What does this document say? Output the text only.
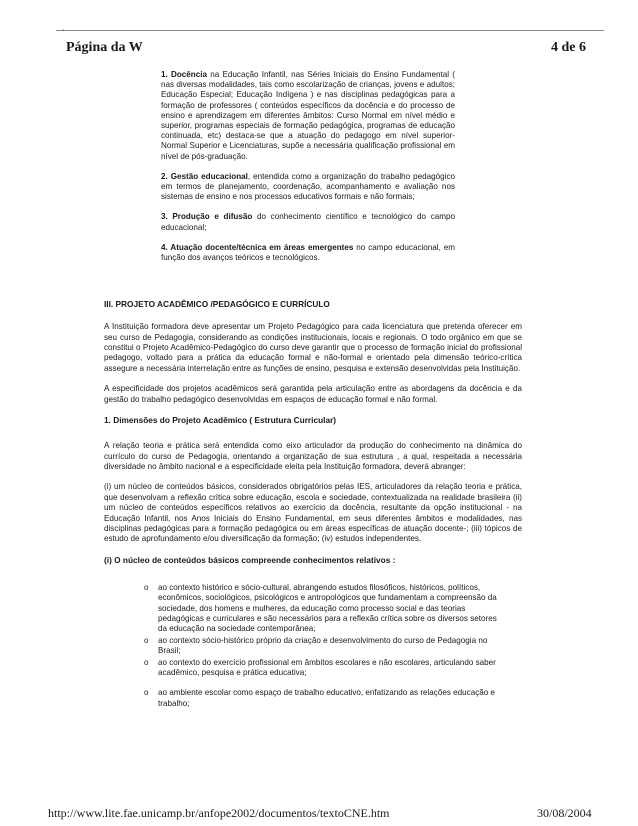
·
Página da W	4 de 6

1. Docência na Educação Infantil, nas Séries Iniciais do Ensino Fundamental ( nas diversas modalidades, tais como escolarização de crianças, jovens e adultos; Educação Especial; Educação Indígena ) e nas disciplinas pedagógicas para a formação de professores ( conteúdos específicos da docência e do processo de ensino e aprendizagem em diferentes âmbitos: Curso Normal em nível médio e superior, programas especiais de formação pedagógica, programas de educação continuada, etc) destaca-se que a atuação do pedagogo em nível superior- Normal Superior e Licenciaturas, supõe a necessária qualificação profissional em nível de pós-graduação.

2. Gestão educacional, entendida como a organização do trabalho pedagógico em termos de planejamento, coordenação, acompanhamento e avaliação nos sistemas de ensino e nos processos educativos formais e não formais;

3. Produção e difusão do conhecimento científico e tecnológico do campo educacional;

4. Atuação docente/técnica em áreas emergentes no campo educacional, em função dos avanços teóricos e tecnológicos.

III. PROJETO ACADÊMICO /PEDAGÓGICO E CURRÍCULO

A Instituição formadora deve apresentar um Projeto Pedagógico para cada licenciatura que pretenda oferecer em seu curso de Pedagogia, considerando as condições institucionais, locais e regionais. O todo orgânico em que se constitui o Projeto Acadêmico-Pedagógico do curso deve garantir que o processo de formação inicial do profissional pedagogo, voltado para a prática da educação formal e não-formal e orientado pela dimensão teórico-crítica assegure a necessária interrelação entre as funções de ensino, pesquisa e extensão desenvolvidas pela Instituição.

A especificidade dos projetos acadêmicos será garantida pela articulação entre as abordagens da docência e da gestão do trabalho pedagógico desenvolvidas em espaços de educação formal e não formal.

1. Dimensões do Projeto Acadêmico ( Estrutura Curricular)

A relação teoria e prática será entendida como eixo articulador da produção do conhecimento na dinâmica do currículo do curso de Pedagogia, orientando a organização de sua estrutura , a qual, respeitada a necessária diversidade no âmbito nacional e a especificidade eleita pela Instituição formadora, deverá abranger:

(i) um núcleo de conteúdos básicos, considerados obrigatórios pelas IES, articuladores da relação teoria e prática, que desenvolvam a reflexão crítica sobre educação, escola e sociedade, contextualizada na realidade brasileira (ii) um núcleo de conteúdos específicos relativos ao exercício da docência, resultante da opção institucional - na Educação Infantil, nos Anos Iniciais do Ensino Fundamental, em seus diferentes âmbitos e modalidades, nas disciplinas pedagógicas para a formação pedagógica ou em áreas específicas de atuação docente-; (iii) tópicos de estudo de aprofundamento e/ou diversificação da formação; (iv) estudos independentes.

(i) O núcleo de conteúdos básicos compreende conhecimentos relativos :
o ao contexto histórico e sócio-cultural, abrangendo estudos filosóficos, históricos, políticos, econômicos, sociológicos, psicológicos e antropológicos que fundamentam a compreensão da sociedade, dos homens e mulheres, da educação como processo social e das teorias pedagógicas e curriculares e são necessários para a reflexão crítica sobre os diversos setores da educação na sociedade contemporânea;
o ao contexto sócio-histórico próprio da criação e desenvolvimento do curso de Pedagogia no Brasil;
o ao contexto do exercício profissional em âmbitos escolares e não escolares, articulando saber acadêmico, pesquisa e prática educativa;
o ao ambiente escolar como espaço de trabalho educativo, enfatizando as relações educação e trabalho;
http://www.lite.fae.unicamp.br/anfope2002/documentos/textoCNE.htm	30/08/2004
